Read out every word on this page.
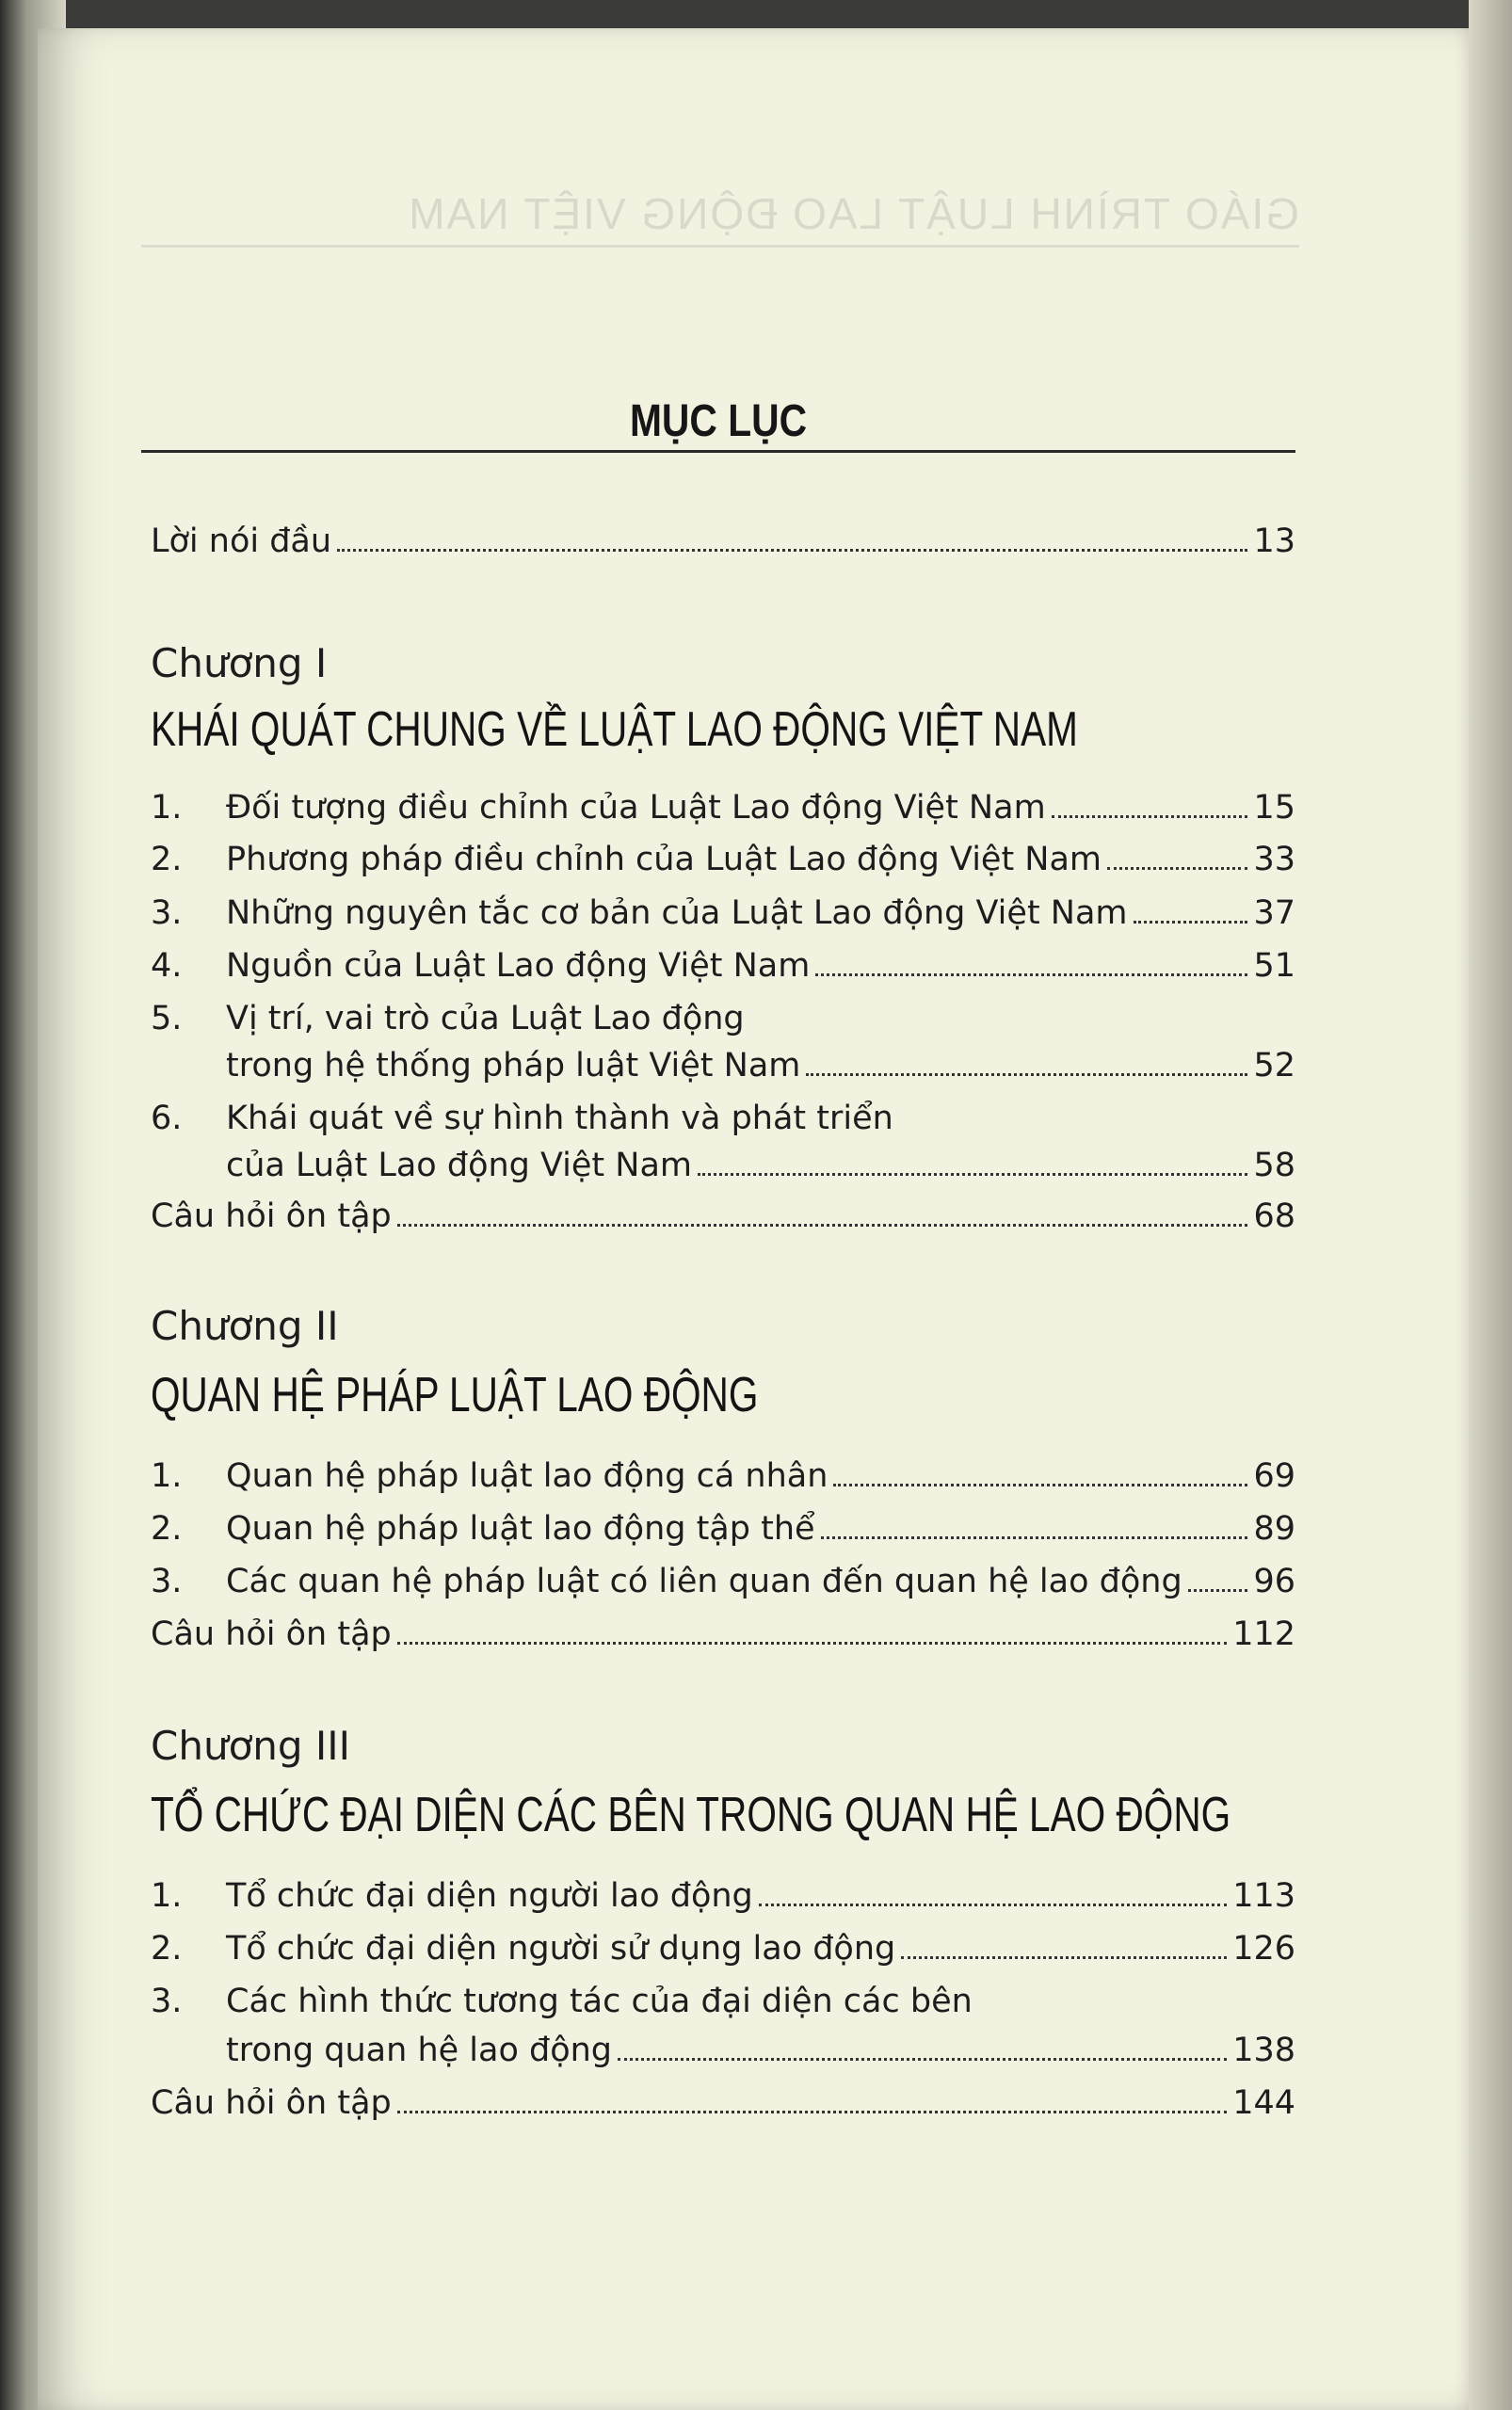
MỤC LỤC
Lời nói đầu	13
Chương I
KHÁI QUÁT CHUNG VỀ LUẬT LAO ĐỘNG VIỆT NAM
1.	Đối tượng điều chỉnh của Luật Lao động Việt Nam	15
2.	Phương pháp điều chỉnh của Luật Lao động Việt Nam	33
3.	Những nguyên tắc cơ bản của Luật Lao động Việt Nam	37
4.	Nguồn của Luật Lao động Việt Nam	51
5.	Vị trí, vai trò của Luật Lao động
trong hệ thống pháp luật Việt Nam	52
6.	Khái quát về sự hình thành và phát triển
của Luật Lao động Việt Nam	58
Câu hỏi ôn tập	68
Chương II
QUAN HỆ PHÁP LUẬT LAO ĐỘNG
1.	Quan hệ pháp luật lao động cá nhân	69
2.	Quan hệ pháp luật lao động tập thể	89
3.	Các quan hệ pháp luật có liên quan đến quan hệ lao động 96
Câu hỏi ôn tập	112
Chương III
TỔ CHỨC ĐẠI DIỆN CÁC BÊN TRONG QUAN HỆ LAO ĐỘNG
1.	Tổ chức đại diện người lao động	113
2.	Tổ chức đại diện người sử dụng lao động	126
3.	Các hình thức tương tác của đại diện các bên
trong quan hệ lao động	138
Câu hỏi ôn tập	144
